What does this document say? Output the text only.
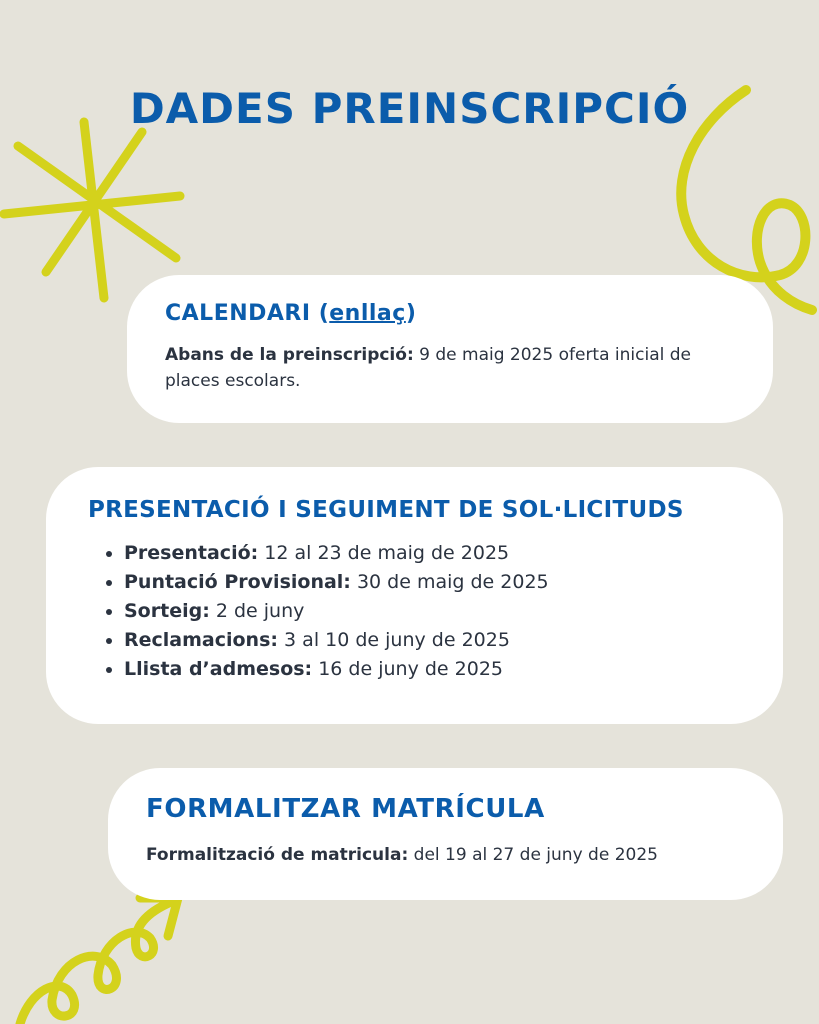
DADES PREINSCRIPCIÓ
CALENDARI (enllaç)
Abans de la preinscripció: 9 de maig 2025 oferta inicial de places escolars.
PRESENTACIÓ I SEGUIMENT DE SOL·LICITUDS
• Presentació: 12 al 23 de maig de 2025
• Puntació Provisional: 30 de maig de 2025
• Sorteig: 2 de juny
• Reclamacions: 3 al 10 de juny de 2025
• Llista d’admesos: 16 de juny de 2025
FORMALITZAR MATRÍCULA
Formalització de matricula: del 19 al 27 de juny de 2025
